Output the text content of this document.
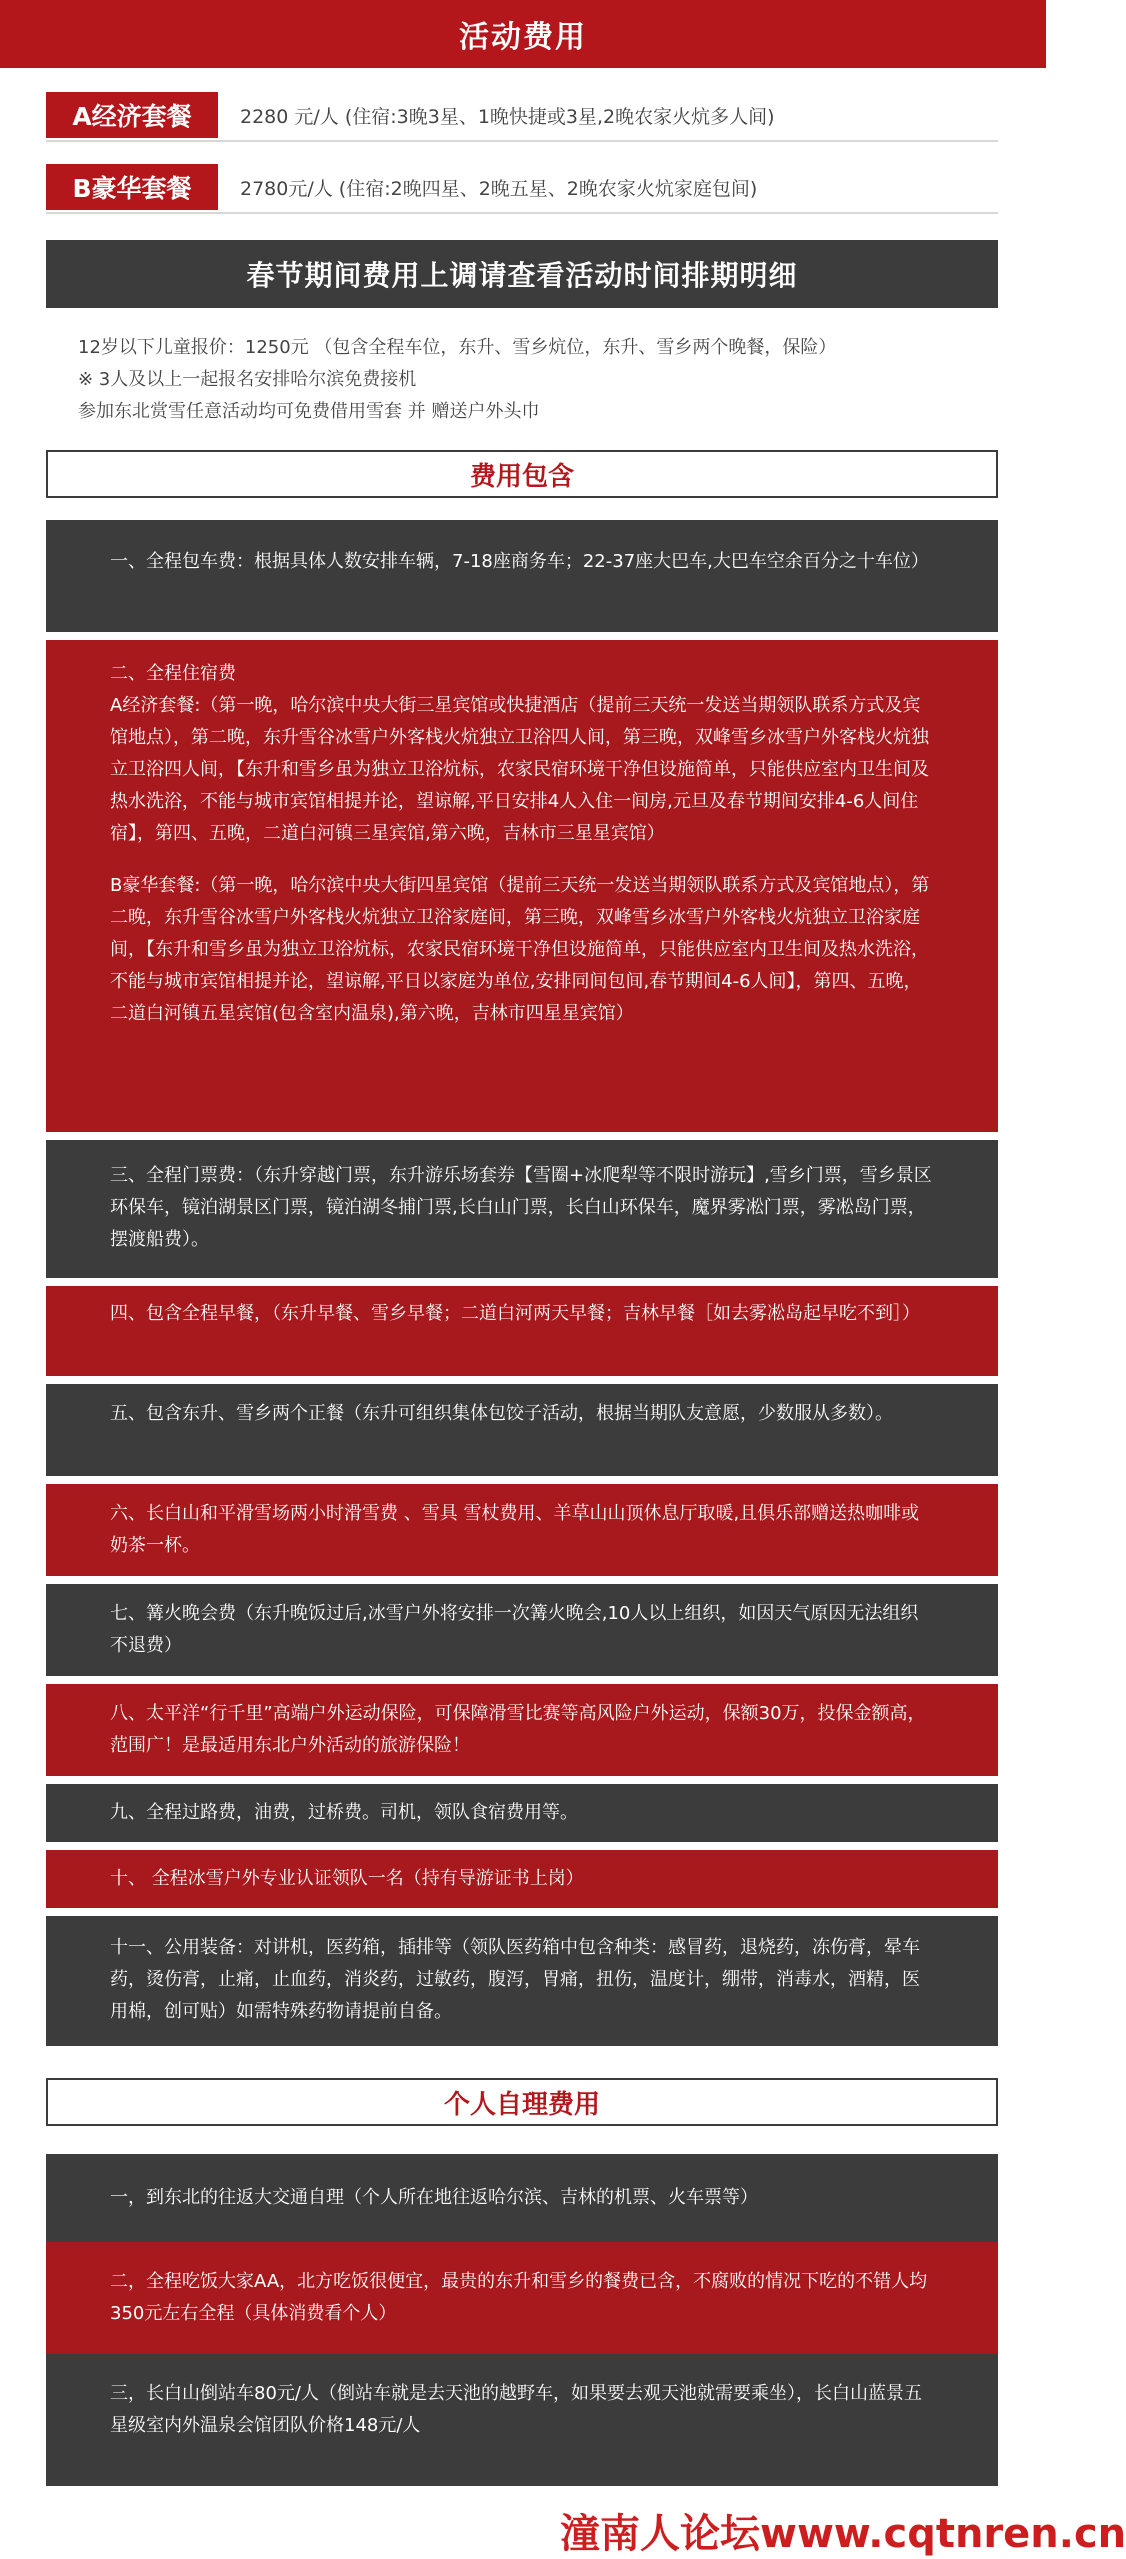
活动费用
A经济套餐	2280 元/人 (住宿:3晚3星、1晚快捷或3星,2晚农家火炕多人间)
B豪华套餐	2780元/人 (住宿:2晚四星、2晚五星、2晚农家火炕家庭包间)
春节期间费用上调请查看活动时间排期明细
12岁以下儿童报价：1250元 （包含全程车位，东升、雪乡炕位，东升、雪乡两个晚餐，保险）
※ 3人及以上一起报名安排哈尔滨免费接机
参加东北赏雪任意活动均可免费借用雪套 并 赠送户外头巾
费用包含

一、全程包车费：根据具体人数安排车辆，7-18座商务车；22-37座大巴车,大巴车空余百分之十车位）

二、全程住宿费

A经济套餐:（第一晚，哈尔滨中央大街三星宾馆或快捷酒店（提前三天统一发送当期领队联系方式及宾馆地点），第二晚，东升雪谷冰雪户外客栈火炕独立卫浴四人间，第三晚，双峰雪乡冰雪户外客栈火炕独立卫浴四人间，【东升和雪乡虽为独立卫浴炕标，农家民宿环境干净但设施简单，只能供应室内卫生间及热水洗浴，不能与城市宾馆相提并论，望谅解,平日安排4人入住一间房,元旦及春节期间安排4-6人间住宿】，第四、五晚，二道白河镇三星宾馆,第六晚，吉林市三星星宾馆）

B豪华套餐:（第一晚，哈尔滨中央大街四星宾馆（提前三天统一发送当期领队联系方式及宾馆地点），第二晚，东升雪谷冰雪户外客栈火炕独立卫浴家庭间，第三晚，双峰雪乡冰雪户外客栈火炕独立卫浴家庭间，【东升和雪乡虽为独立卫浴炕标，农家民宿环境干净但设施简单，只能供应室内卫生间及热水洗浴，不能与城市宾馆相提并论，望谅解,平日以家庭为单位,安排同间包间,春节期间4-6人间】，第四、五晚，二道白河镇五星宾馆(包含室内温泉),第六晚，吉林市四星星宾馆）

三、全程门票费：（东升穿越门票，东升游乐场套券【雪圈+冰爬犁等不限时游玩】,雪乡门票，雪乡景区环保车，镜泊湖景区门票，镜泊湖冬捕门票,长白山门票，长白山环保车，魔界雾凇门票，雾凇岛门票，摆渡船费）。

四、包含全程早餐，（东升早餐、雪乡早餐；二道白河两天早餐；吉林早餐［如去雾凇岛起早吃不到］）

五、包含东升、雪乡两个正餐（东升可组织集体包饺子活动，根据当期队友意愿，少数服从多数）。

六、长白山和平滑雪场两小时滑雪费 、雪具 雪杖费用、羊草山山顶休息厅取暖,且俱乐部赠送热咖啡或奶茶一杯。

七、篝火晚会费（东升晚饭过后,冰雪户外将安排一次篝火晚会,10人以上组织，如因天气原因无法组织不退费）

八、太平洋“行千里”高端户外运动保险，可保障滑雪比赛等高风险户外运动，保额30万，投保金额高，范围广！是最适用东北户外活动的旅游保险！

九、全程过路费，油费，过桥费。司机，领队食宿费用等。

十、 全程冰雪户外专业认证领队一名（持有导游证书上岗）

十一、公用装备：对讲机，医药箱，插排等（领队医药箱中包含种类：感冒药，退烧药，冻伤膏，晕车药，烫伤膏，止痛，止血药，消炎药，过敏药，腹泻，胃痛，扭伤，温度计，绷带，消毒水，酒精，医用棉，创可贴）如需特殊药物请提前自备。

个人自理费用

一，到东北的往返大交通自理（个人所在地往返哈尔滨、吉林的机票、火车票等）

二，全程吃饭大家AA，北方吃饭很便宜，最贵的东升和雪乡的餐费已含，不腐败的情况下吃的不错人均350元左右全程（具体消费看个人）

三，长白山倒站车80元/人（倒站车就是去天池的越野车，如果要去观天池就需要乘坐），长白山蓝景五星级室内外温泉会馆团队价格148元/人

潼南人论坛www.cqtnren.cn
